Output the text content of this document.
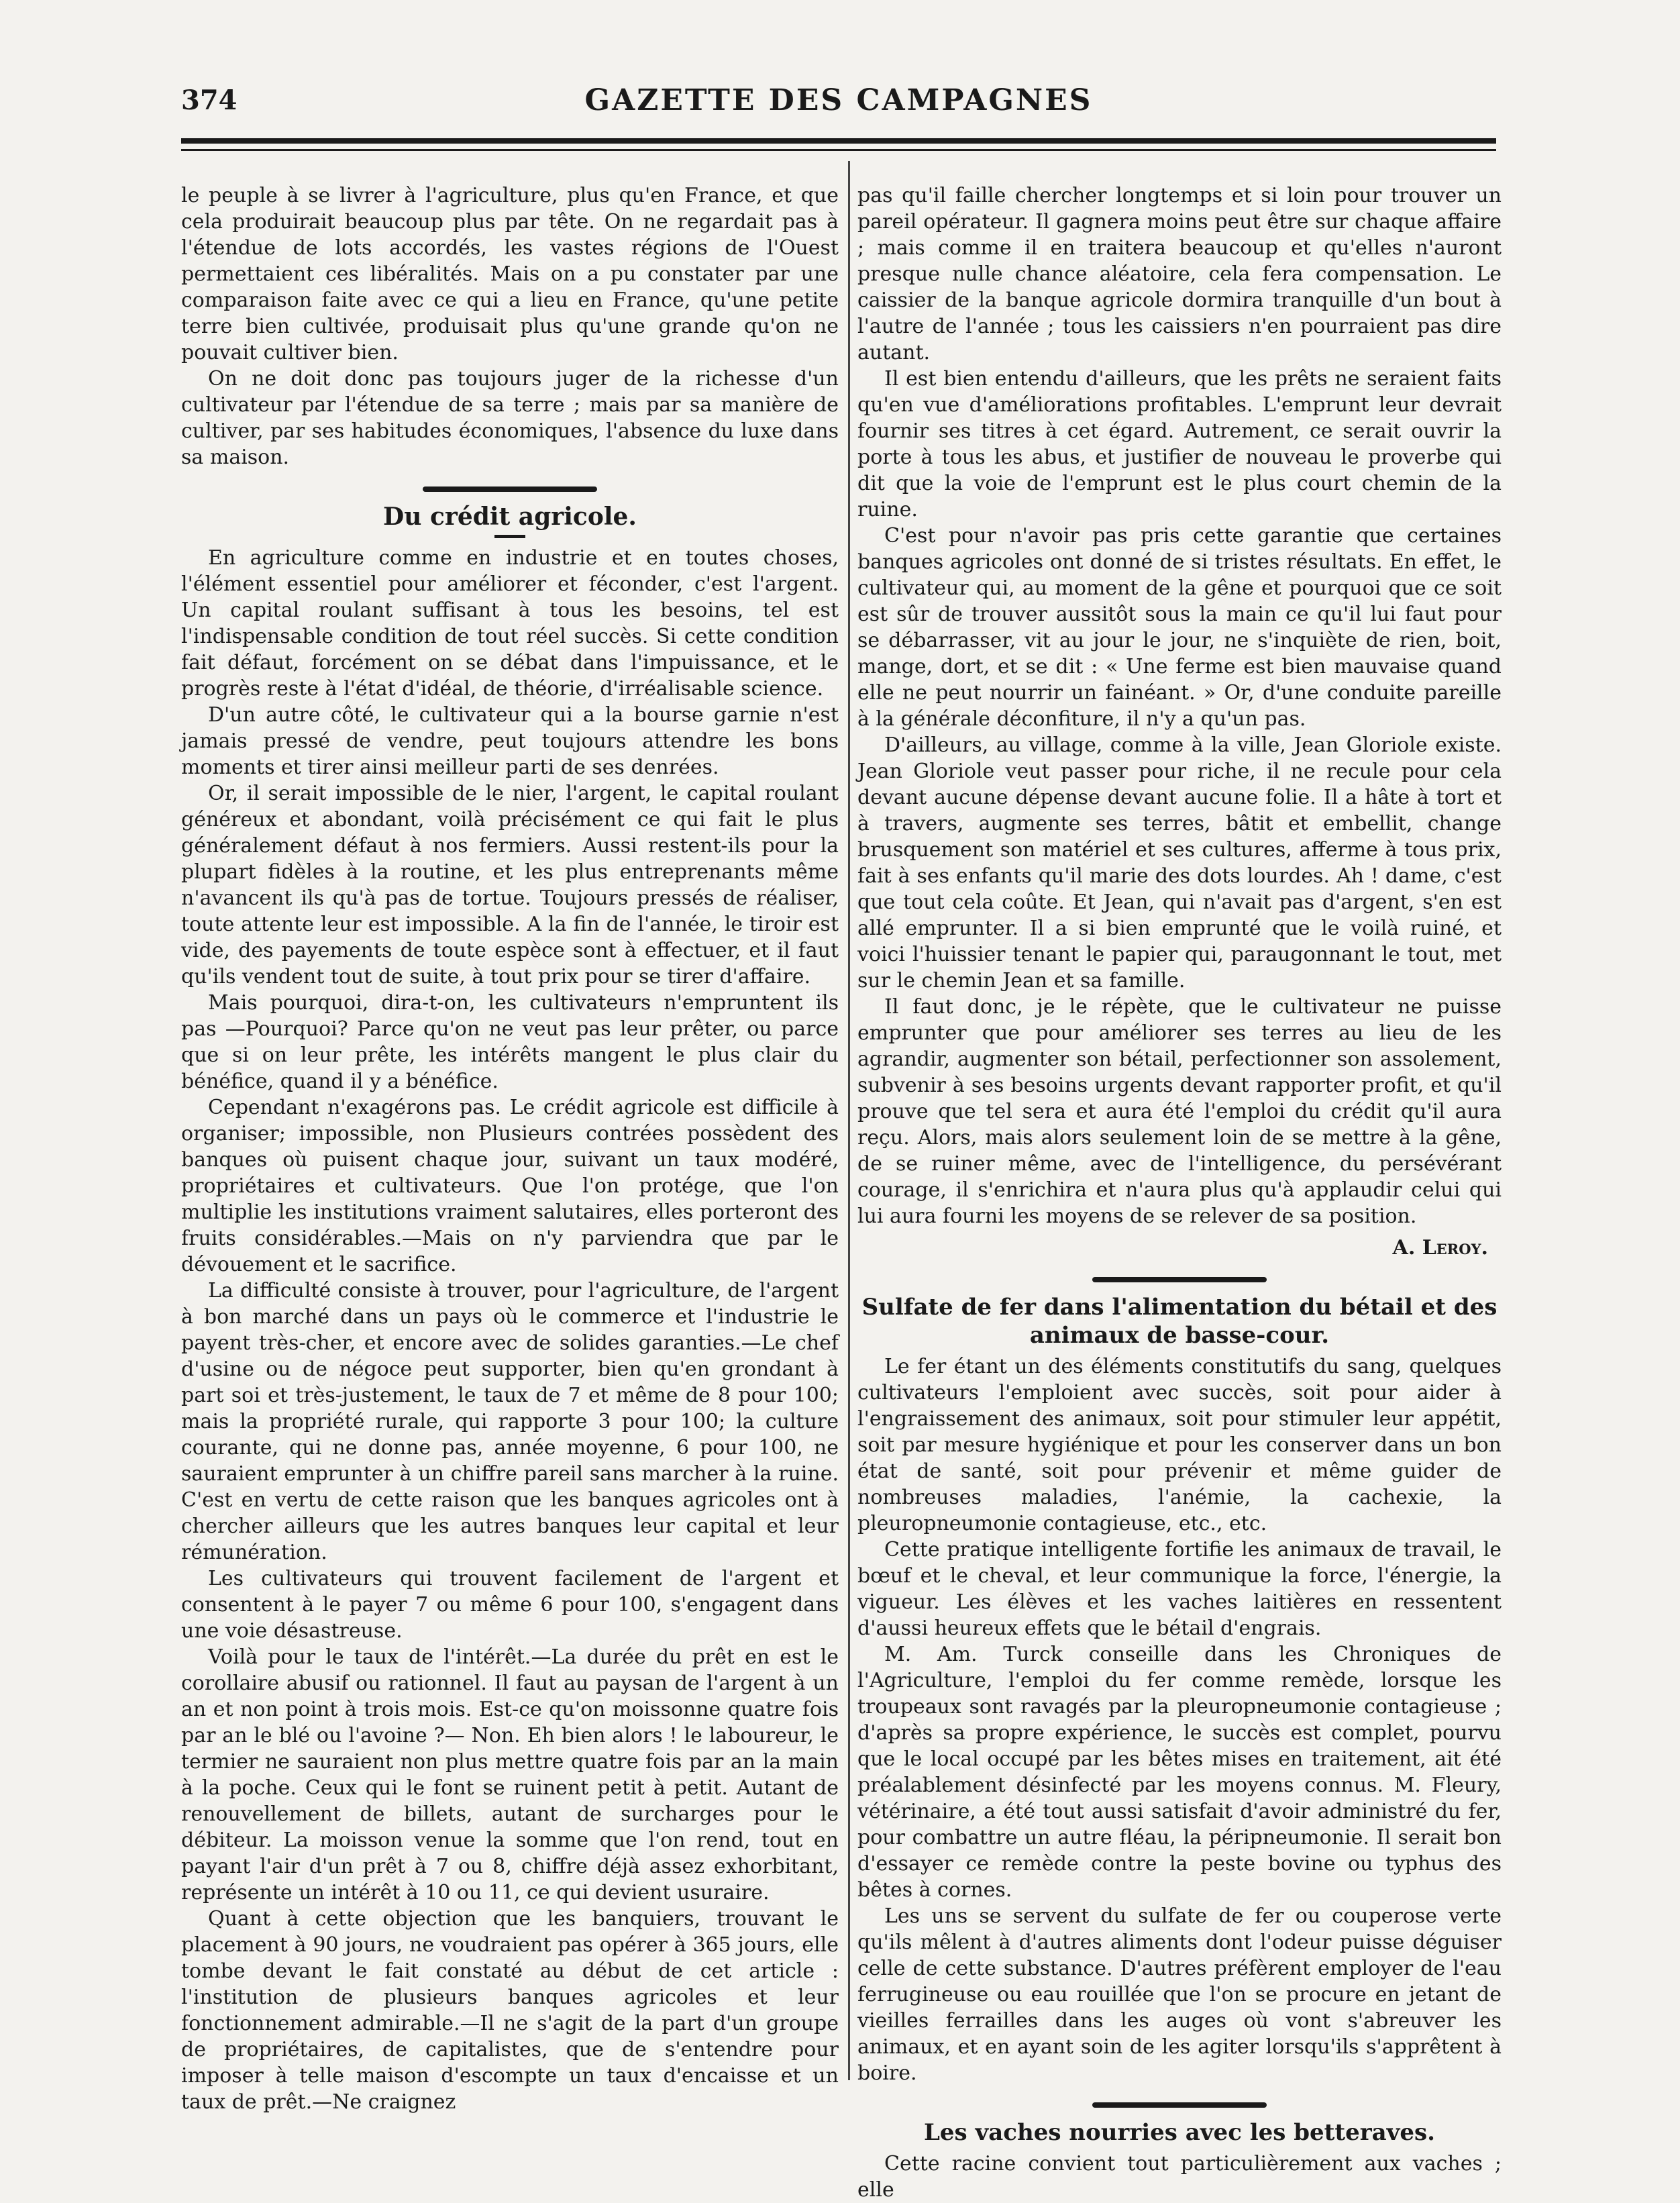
374	GAZETTE DES CAMPAGNES

le peuple à se livrer à l'agriculture, plus qu'en France, et que cela produirait beaucoup plus par tête. On ne regardait pas à l'étendue de lots accordés, les vastes régions de l'Ouest permettaient ces libéralités. Mais on a pu constater par une comparaison faite avec ce qui a lieu en France, qu'une petite terre bien cultivée, produisait plus qu'une grande qu'on ne pouvait cultiver bien.

On ne doit donc pas toujours juger de la richesse d'un cultivateur par l'étendue de sa terre ; mais par sa manière de cultiver, par ses habitudes économiques, l'absence du luxe dans sa maison.

Du crédit agricole.

En agriculture comme en industrie et en toutes choses, l'élément essentiel pour améliorer et féconder, c'est l'argent. Un capital roulant suffisant à tous les besoins, tel est l'indispensable condition de tout réel succès. Si cette condition fait défaut, forcément on se débat dans l'impuissance, et le progrès reste à l'état d'idéal, de théorie, d'irréalisable science.

D'un autre côté, le cultivateur qui a la bourse garnie n'est jamais pressé de vendre, peut toujours attendre les bons moments et tirer ainsi meilleur parti de ses denrées.

Or, il serait impossible de le nier, l'argent, le capital roulant généreux et abondant, voilà précisément ce qui fait le plus généralement défaut à nos fermiers. Aussi restent-ils pour la plupart fidèles à la routine, et les plus entreprenants même n'avancent ils qu'à pas de tortue. Toujours pressés de réaliser, toute attente leur est impossible. A la fin de l'année, le tiroir est vide, des payements de toute espèce sont à effectuer, et il faut qu'ils vendent tout de suite, à tout prix pour se tirer d'affaire.

Mais pourquoi, dira-t-on, les cultivateurs n'empruntent ils pas —Pourquoi? Parce qu'on ne veut pas leur prêter, ou parce que si on leur prête, les intérêts mangent le plus clair du bénéfice, quand il y a bénéfice.

Cependant n'exagérons pas. Le crédit agricole est difficile à organiser; impossible, non Plusieurs contrées possèdent des banques où puisent chaque jour, suivant un taux modéré, propriétaires et cultivateurs. Que l'on protége, que l'on multiplie les institutions vraiment salutaires, elles porteront des fruits considérables.—Mais on n'y parviendra que par le dévouement et le sacrifice.

La difficulté consiste à trouver, pour l'agriculture, de l'argent à bon marché dans un pays où le commerce et l'industrie le payent très-cher, et encore avec de solides garanties.—Le chef d'usine ou de négoce peut supporter, bien qu'en grondant à part soi et très-justement, le taux de 7 et même de 8 pour 100; mais la propriété rurale, qui rapporte 3 pour 100; la culture courante, qui ne donne pas, année moyenne, 6 pour 100, ne sauraient emprunter à un chiffre pareil sans marcher à la ruine. C'est en vertu de cette raison que les banques agricoles ont à chercher ailleurs que les autres banques leur capital et leur rémunération.

Les cultivateurs qui trouvent facilement de l'argent et consentent à le payer 7 ou même 6 pour 100, s'engagent dans une voie désastreuse.

Voilà pour le taux de l'intérêt.—La durée du prêt en est le corollaire abusif ou rationnel. Il faut au paysan de l'argent à un an et non point à trois mois. Est-ce qu'on moissonne quatre fois par an le blé ou l'avoine ?— Non. Eh bien alors ! le laboureur, le termier ne sauraient non plus mettre quatre fois par an la main à la poche. Ceux qui le font se ruinent petit à petit. Autant de renouvellement de billets, autant de surcharges pour le débiteur. La moisson venue la somme que l'on rend, tout en payant l'air d'un prêt à 7 ou 8, chiffre déjà assez exhorbitant, représente un intérêt à 10 ou 11, ce qui devient usuraire.

Quant à cette objection que les banquiers, trouvant le placement à 90 jours, ne voudraient pas opérer à 365 jours, elle tombe devant le fait constaté au début de cet article : l'institution de plusieurs banques agricoles et leur fonctionnement admirable.—Il ne s'agit de la part d'un groupe de propriétaires, de capitalistes, que de s'entendre pour imposer à telle maison d'escompte un taux d'encaisse et un taux de prêt.—Ne craignez

pas qu'il faille chercher longtemps et si loin pour trouver un pareil opérateur. Il gagnera moins peut être sur chaque affaire ; mais comme il en traitera beaucoup et qu'elles n'auront presque nulle chance aléatoire, cela fera compensation. Le caissier de la banque agricole dormira tranquille d'un bout à l'autre de l'année ; tous les caissiers n'en pourraient pas dire autant.

Il est bien entendu d'ailleurs, que les prêts ne seraient faits qu'en vue d'améliorations profitables. L'emprunt leur devrait fournir ses titres à cet égard. Autrement, ce serait ouvrir la porte à tous les abus, et justifier de nouveau le proverbe qui dit que la voie de l'emprunt est le plus court chemin de la ruine.

C'est pour n'avoir pas pris cette garantie que certaines banques agricoles ont donné de si tristes résultats. En effet, le cultivateur qui, au moment de la gêne et pourquoi que ce soit est sûr de trouver aussitôt sous la main ce qu'il lui faut pour se débarrasser, vit au jour le jour, ne s'inquiète de rien, boit, mange, dort, et se dit : « Une ferme est bien mauvaise quand elle ne peut nourrir un fainéant. » Or, d'une conduite pareille à la générale déconfiture, il n'y a qu'un pas.

D'ailleurs, au village, comme à la ville, Jean Gloriole existe. Jean Gloriole veut passer pour riche, il ne recule pour cela devant aucune dépense devant aucune folie. Il a hâte à tort et à travers, augmente ses terres, bâtit et embellit, change brusquement son matériel et ses cultures, afferme à tous prix, fait à ses enfants qu'il marie des dots lourdes. Ah ! dame, c'est que tout cela coûte. Et Jean, qui n'avait pas d'argent, s'en est allé emprunter. Il a si bien emprunté que le voilà ruiné, et voici l'huissier tenant le papier qui, paraugonnant le tout, met sur le chemin Jean et sa famille.

Il faut donc, je le répète, que le cultivateur ne puisse emprunter que pour améliorer ses terres au lieu de les agrandir, augmenter son bétail, perfectionner son assolement, subvenir à ses besoins urgents devant rapporter profit, et qu'il prouve que tel sera et aura été l'emploi du crédit qu'il aura reçu. Alors, mais alors seulement loin de se mettre à la gêne, de se ruiner même, avec de l'intelligence, du persévérant courage, il s'enrichira et n'aura plus qu'à applaudir celui qui lui aura fourni les moyens de se relever de sa position.

A. Leroy.
Sulfate de fer dans l'alimentation du bétail et des animaux de basse-cour.

Le fer étant un des éléments constitutifs du sang, quelques cultivateurs l'emploient avec succès, soit pour aider à l'engraissement des animaux, soit pour stimuler leur appétit, soit par mesure hygiénique et pour les conserver dans un bon état de santé, soit pour prévenir et même guider de nombreuses maladies, l'anémie, la cachexie, la pleuropneumonie contagieuse, etc., etc.

Cette pratique intelligente fortifie les animaux de travail, le bœuf et le cheval, et leur communique la force, l'énergie, la vigueur. Les élèves et les vaches laitières en ressentent d'aussi heureux effets que le bétail d'engrais.

M. Am. Turck conseille dans les Chroniques de l'Agriculture, l'emploi du fer comme remède, lorsque les troupeaux sont ravagés par la pleuropneumonie contagieuse ; d'après sa propre expérience, le succès est complet, pourvu que le local occupé par les bêtes mises en traitement, ait été préalablement désinfecté par les moyens connus. M. Fleury, vétérinaire, a été tout aussi satisfait d'avoir administré du fer, pour combattre un autre fléau, la péripneumonie. Il serait bon d'essayer ce remède contre la peste bovine ou typhus des bêtes à cornes.

Les uns se servent du sulfate de fer ou couperose verte qu'ils mêlent à d'autres aliments dont l'odeur puisse déguiser celle de cette substance. D'autres préfèrent employer de l'eau ferrugineuse ou eau rouillée que l'on se procure en jetant de vieilles ferrailles dans les auges où vont s'abreuver les animaux, et en ayant soin de les agiter lorsqu'ils s'apprêtent à boire.

Les vaches nourries avec les betteraves.

Cette racine convient tout particulièrement aux vaches ; elle
